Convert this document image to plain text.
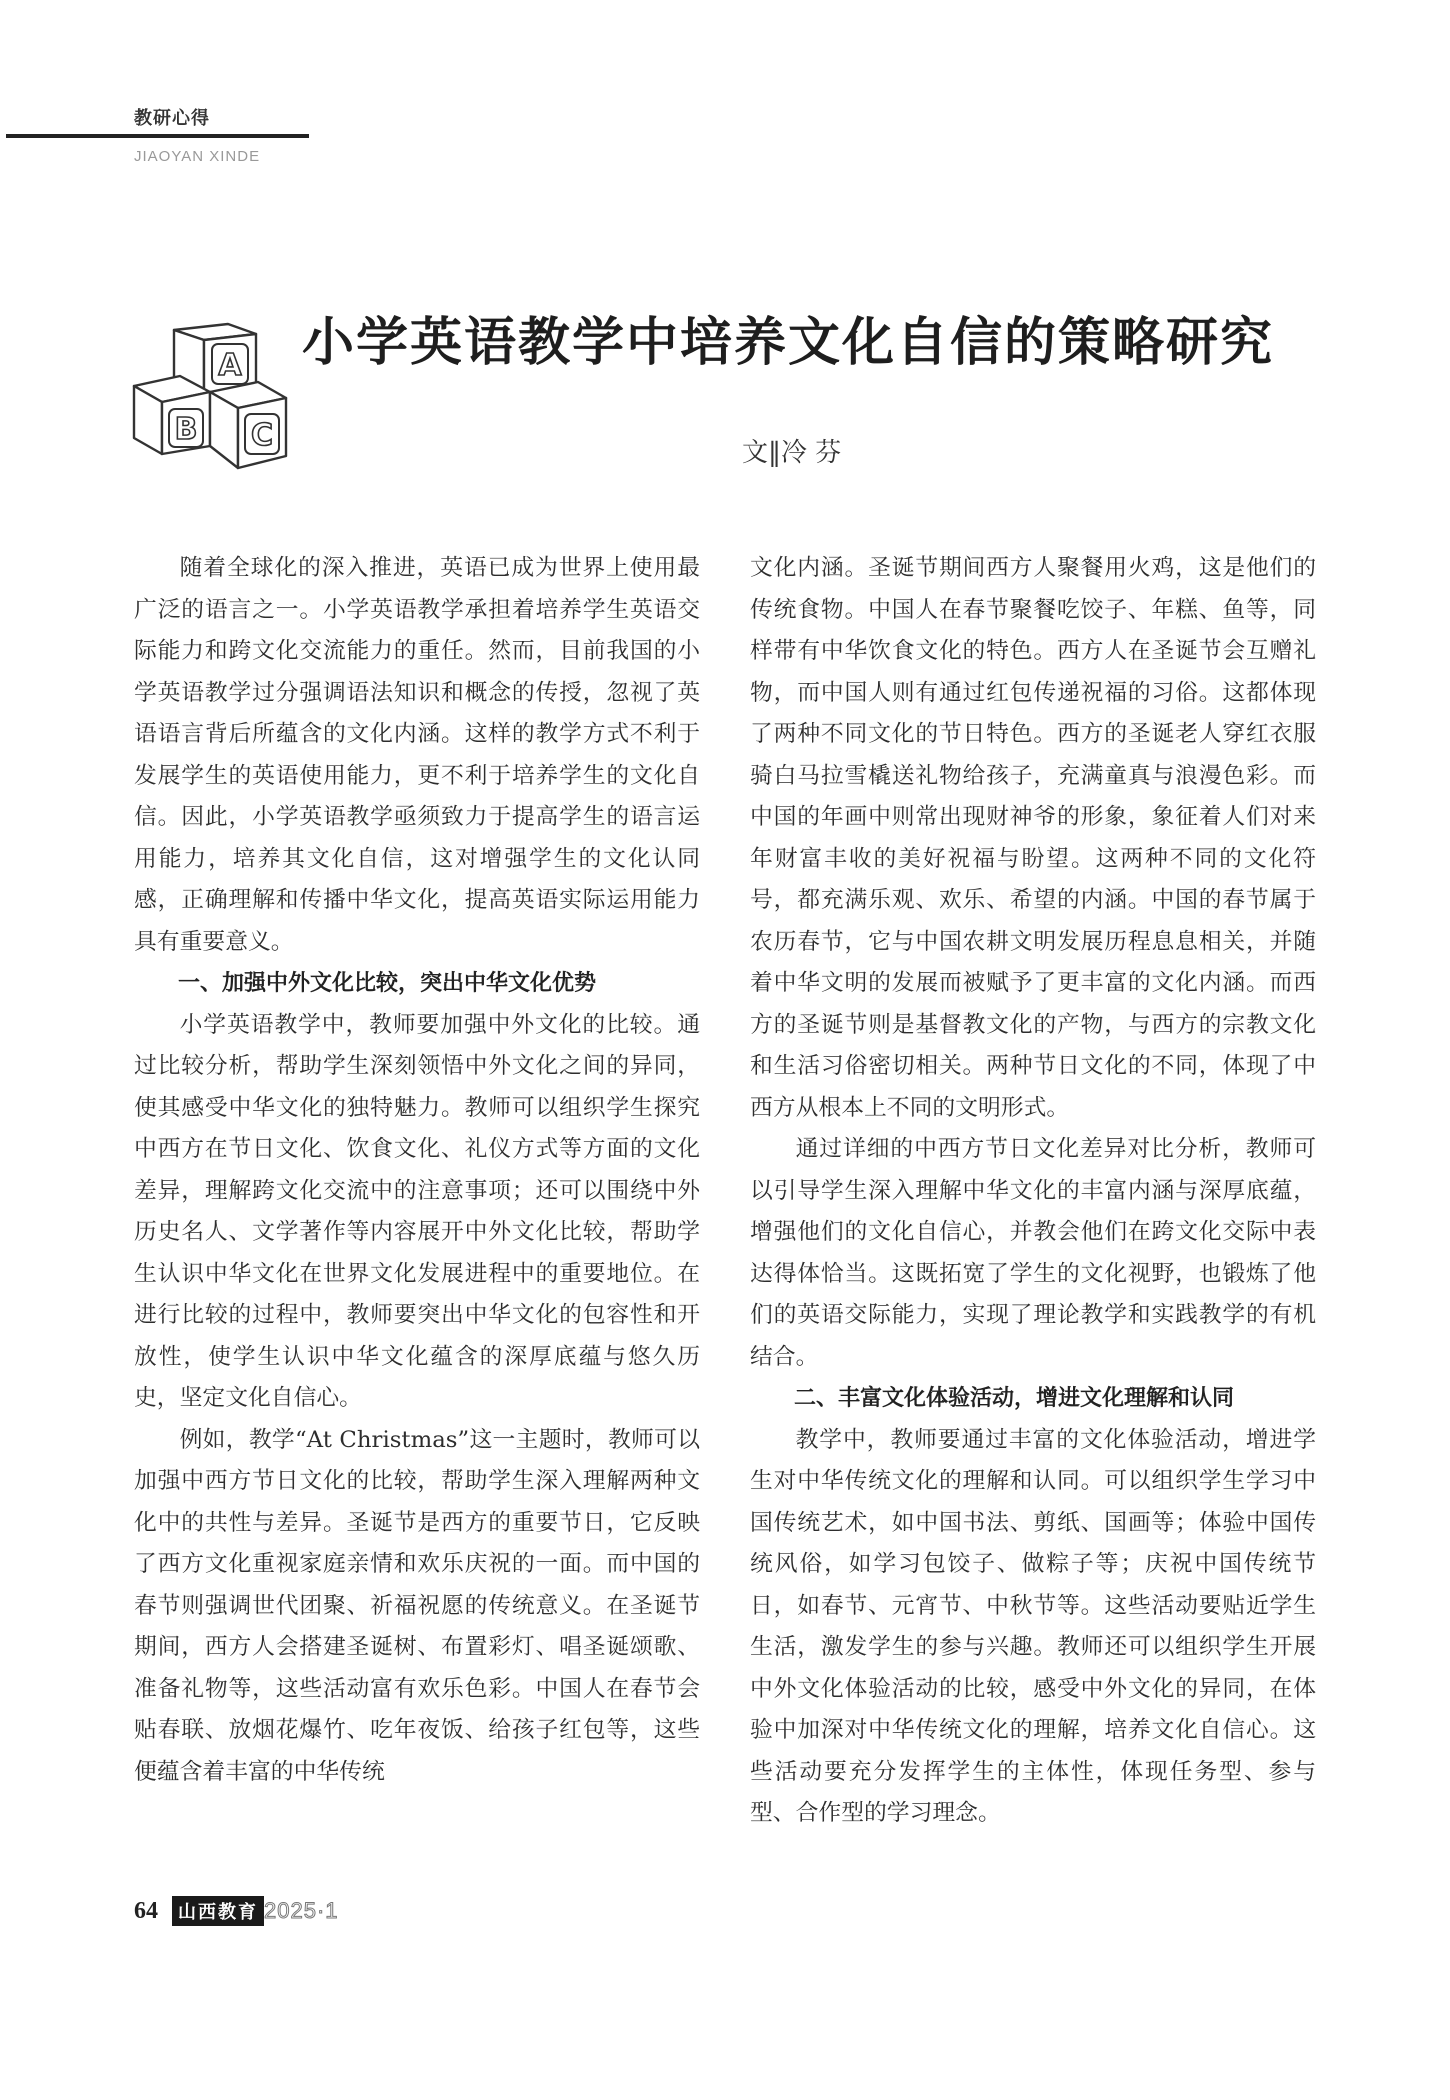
教研心得
JIAOYAN XINDE
A
B C
小学英语教学中培养文化自信的策略研究
文‖冷 芬

随着全球化的深入推进，英语已成为世界上使用最广泛的语言之一。小学英语教学承担着培养学生英语交际能力和跨文化交流能力的重任。然而，目前我国的小学英语教学过分强调语法知识和概念的传授，忽视了英语语言背后所蕴含的文化内涵。这样的教学方式不利于发展学生的英语使用能力，更不利于培养学生的文化自信。因此，小学英语教学亟须致力于提高学生的语言运用能力，培养其文化自信，这对增强学生的文化认同感，正确理解和传播中华文化，提高英语实际运用能力具有重要意义。

一、加强中外文化比较，突出中华文化优势

小学英语教学中，教师要加强中外文化的比较。通过比较分析，帮助学生深刻领悟中外文化之间的异同，使其感受中华文化的独特魅力。教师可以组织学生探究中西方在节日文化、饮食文化、礼仪方式等方面的文化差异，理解跨文化交流中的注意事项；还可以围绕中外历史名人、文学著作等内容展开中外文化比较，帮助学生认识中华文化在世界文化发展进程中的重要地位。在进行比较的过程中，教师要突出中华文化的包容性和开放性，使学生认识中华文化蕴含的深厚底蕴与悠久历史，坚定文化自信心。

例如，教学“At Christmas”这一主题时，教师可以加强中西方节日文化的比较，帮助学生深入理解两种文化中的共性与差异。圣诞节是西方的重要节日，它反映了西方文化重视家庭亲情和欢乐庆祝的一面。而中国的春节则强调世代团聚、祈福祝愿的传统意义。在圣诞节期间，西方人会搭建圣诞树、布置彩灯、唱圣诞颂歌、准备礼物等，这些活动富有欢乐色彩。中国人在春节会贴春联、放烟花爆竹、吃年夜饭、给孩子红包等，这些便蕴含着丰富的中华传统

文化内涵。圣诞节期间西方人聚餐用火鸡，这是他们的传统食物。中国人在春节聚餐吃饺子、年糕、鱼等，同样带有中华饮食文化的特色。西方人在圣诞节会互赠礼物，而中国人则有通过红包传递祝福的习俗。这都体现了两种不同文化的节日特色。西方的圣诞老人穿红衣服骑白马拉雪橇送礼物给孩子，充满童真与浪漫色彩。而中国的年画中则常出现财神爷的形象，象征着人们对来年财富丰收的美好祝福与盼望。这两种不同的文化符号，都充满乐观、欢乐、希望的内涵。中国的春节属于农历春节，它与中国农耕文明发展历程息息相关，并随着中华文明的发展而被赋予了更丰富的文化内涵。而西方的圣诞节则是基督教文化的产物，与西方的宗教文化和生活习俗密切相关。两种节日文化的不同，体现了中西方从根本上不同的文明形式。

通过详细的中西方节日文化差异对比分析，教师可以引导学生深入理解中华文化的丰富内涵与深厚底蕴，增强他们的文化自信心，并教会他们在跨文化交际中表达得体恰当。这既拓宽了学生的文化视野，也锻炼了他们的英语交际能力，实现了理论教学和实践教学的有机结合。

二、丰富文化体验活动，增进文化理解和认同

教学中，教师要通过丰富的文化体验活动，增进学生对中华传统文化的理解和认同。可以组织学生学习中国传统艺术，如中国书法、剪纸、国画等；体验中国传统风俗，如学习包饺子、做粽子等；庆祝中国传统节日，如春节、元宵节、中秋节等。这些活动要贴近学生生活，激发学生的参与兴趣。教师还可以组织学生开展中外文化体验活动的比较，感受中外文化的异同，在体验中加深对中华传统文化的理解，培养文化自信心。这些活动要充分发挥学生的主体性，体现任务型、参与型、合作型的学习理念。

64	山西教育 2025·1
